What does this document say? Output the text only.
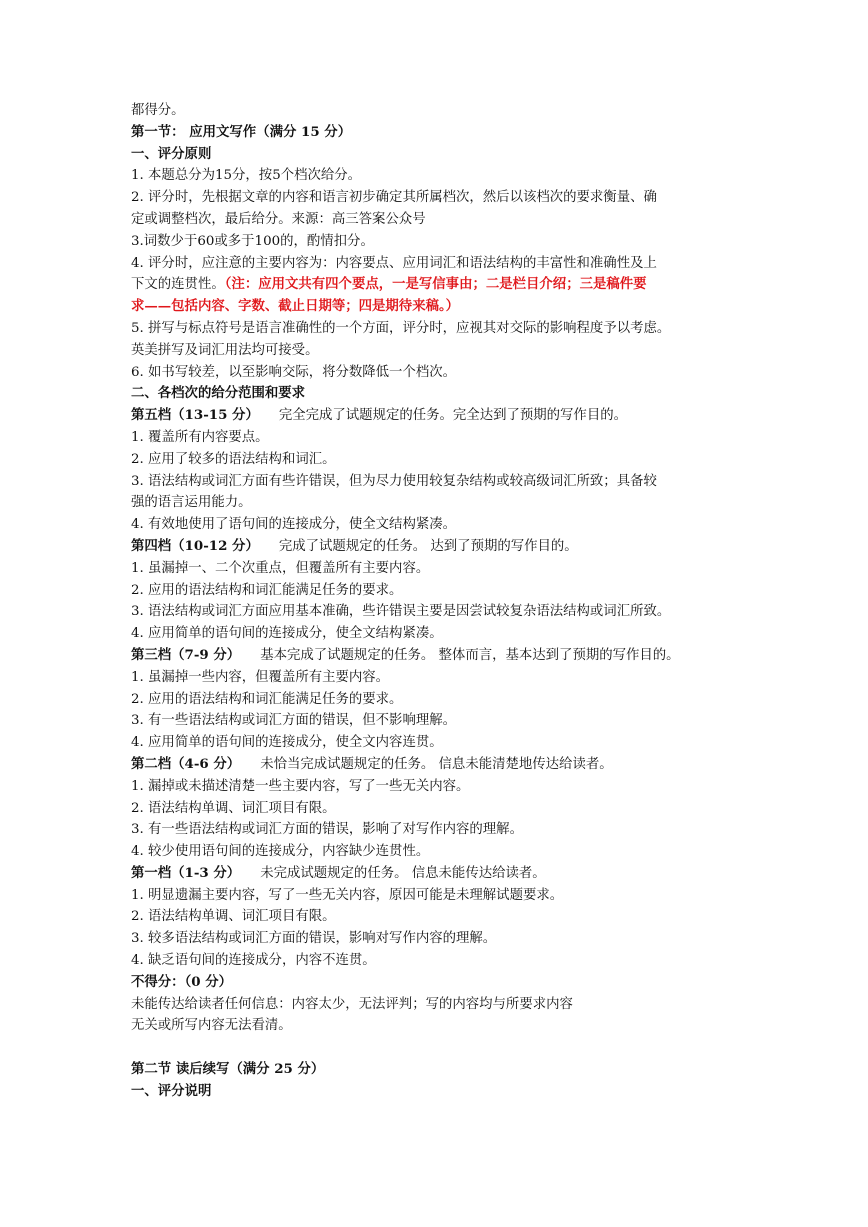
都得分。
第一节： 应用文写作（满分 15 分）
一、评分原则
1. 本题总分为15分，按5个档次给分。
2. 评分时，先根据文章的内容和语言初步确定其所属档次，然后以该档次的要求衡量、确
定或调整档次，最后给分。来源：高三答案公众号
3.词数少于60或多于100的，酌情扣分。
4. 评分时，应注意的主要内容为：内容要点、应用词汇和语法结构的丰富性和准确性及上
下文的连贯性。（注：应用文共有四个要点，一是写信事由；二是栏目介绍；三是稿件要
求——包括内容、字数、截止日期等；四是期待来稿。）
5. 拼写与标点符号是语言准确性的一个方面，评分时，应视其对交际的影响程度予以考虑。
英美拼写及词汇用法均可接受。
6. 如书写较差，以至影响交际，将分数降低一个档次。
二、各档次的给分范围和要求
第五档（13-15 分） 完全完成了试题规定的任务。完全达到了预期的写作目的。
1. 覆盖所有内容要点。
2. 应用了较多的语法结构和词汇。
3. 语法结构或词汇方面有些许错误，但为尽力使用较复杂结构或较高级词汇所致；具备较
强的语言运用能力。
4. 有效地使用了语句间的连接成分，使全文结构紧凑。
第四档（10-12 分） 完成了试题规定的任务。 达到了预期的写作目的。
1. 虽漏掉一、二个次重点，但覆盖所有主要内容。
2. 应用的语法结构和词汇能满足任务的要求。
3. 语法结构或词汇方面应用基本准确，些许错误主要是因尝试较复杂语法结构或词汇所致。
4. 应用简单的语句间的连接成分，使全文结构紧凑。
第三档（7-9 分） 基本完成了试题规定的任务。 整体而言，基本达到了预期的写作目的。
1. 虽漏掉一些内容，但覆盖所有主要内容。
2. 应用的语法结构和词汇能满足任务的要求。
3. 有一些语法结构或词汇方面的错误，但不影响理解。
4. 应用简单的语句间的连接成分，使全文内容连贯。
第二档（4-6 分） 未恰当完成试题规定的任务。 信息未能清楚地传达给读者。
1. 漏掉或未描述清楚一些主要内容，写了一些无关内容。
2. 语法结构单调、词汇项目有限。
3. 有一些语法结构或词汇方面的错误，影响了对写作内容的理解。
4. 较少使用语句间的连接成分，内容缺少连贯性。
第一档（1-3 分） 未完成试题规定的任务。 信息未能传达给读者。
1. 明显遗漏主要内容，写了一些无关内容，原因可能是未理解试题要求。
2. 语法结构单调、词汇项目有限。
3. 较多语法结构或词汇方面的错误，影响对写作内容的理解。
4. 缺乏语句间的连接成分，内容不连贯。
不得分：（0 分）
未能传达给读者任何信息：内容太少，无法评判；写的内容均与所要求内容
无关或所写内容无法看清。
第二节 读后续写（满分 25 分）
一、评分说明
